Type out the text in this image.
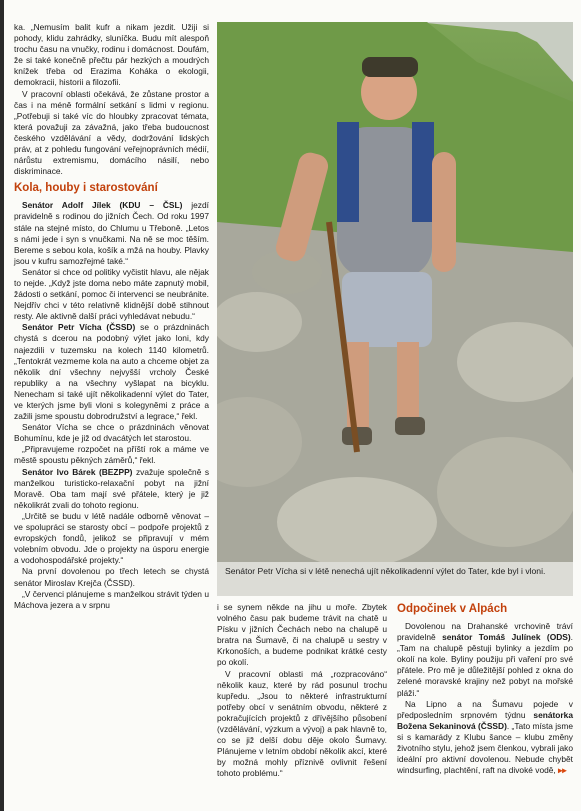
ka. „Nemusím balit kufr a nikam jezdit. Užiji si pohody, klidu zahrádky, sluníčka. Budu mít alespoň trochu času na vnučky, rodinu i domácnost. Doufám, že si také konečně přečtu pár hezkých a moudrých knížek třeba od Erazima Koháka o ekologii, demokracii, historii a filozofii.

V pracovní oblasti očekává, že zůstane prostor a čas i na méně formální setkání s lidmi v regionu. „Potřebuji si také víc do hloubky zpracovat témata, která považuji za závažná, jako třeba budoucnost českého vzdělávání a vědy, dodržování lidských práv, at z pohledu fungování veřejnoprávních médií, nárůstu extremismu, domácího násilí, nebo diskriminace.

Kola, houby i starostování

Senátor Adolf Jílek (KDU – ČSL) jezdí pravidelně s rodinou do jižních Čech. Od roku 1997 stále na stejné místo, do Chlumu u Třeboně. „Letos s námi jede i syn s vnučkami. Na ně se moc těším. Bereme s sebou kola, košík a mžá na houby. Plavky jsou v kufru samozřejmé také.“

Senátor si chce od politiky vyčistit hlavu, ale nějak to nejde. „Když jste doma nebo máte zapnutý mobil, žádosti o setkání, pomoc či intervenci se neubránite. Nejdřív chci v této relativně klidnější době stihnout resty. Ale aktivně další práci vyhledávat nebudu.“

Senátor Petr Vícha (ČSSD) se o prázdninách chystá s dcerou na podobný výlet jako loni, kdy najezdili v tuzemsku na kolech 1140 kilometrů. „Tentokrát vezmeme kola na auto a chceme objet za několik dní všechny nejvyšší vrcholy České republiky a na všechny vyšlapat na bicyklu. Nenecham si také ujít několikadenní výlet do Tater, ve kterých jsme byli vloni s kolegyněmi z práce a zažili jsme spoustu dobrodružství a legrace,“ řekl.

Senátor Vícha se chce o prázdninách věnovat Bohumínu, kde je již od dvacátých let starostou.

„Připravujeme rozpočet na příští rok a máme ve městě spoustu pěkných záměrů,“ řekl.

Senátor Ivo Bárek (BEZPP) zvažuje společně s manželkou turisticko-relaxační pobyt na jižní Moravě. Oba tam mají své přátele, který je již několikrát zvali do tohoto regionu.

„Určitě se budu v létě nadále odborně věnovat – ve spolupráci se starosty obcí – podpoře projektů z evropských fondů, jelikož se připravují v mém volebním obvodu. Jde o projekty na úsporu energie a vodohospodářské projekty.“

Na první dovolenou po třech letech se chystá senátor Miroslav Krejča (ČSSD).

„V červenci plánujeme s manželkou strávit týden u Máchova jezera a v srpnu

Senátor Petr Vícha si v létě nenechá ujít několikadenní výlet do Tater, kde byl i vloni.

i se synem někde na jihu u moře. Zbytek volného času pak budeme trávit na chatě u Písku v jižních Čechách nebo na chalupě u bratra na Šumavě, či na chalupě u sestry v Krkonoších, a budeme podnikat krátké cesty po okolí.

V pracovní oblasti má „rozpracováno“ několik kauz, které by rád posunul trochu kupředu. „Jsou to některé infrastrukturní potřeby obcí v senátním obvodu, některé z pokračujících projektů z dřívějšího působení (vzdělávání, výzkum a vývoj) a pak hlavně to, co se již delší dobu děje okolo Šumavy. Plánujeme v letním období několik akcí, které by možná mohly příznivě ovlivnit řešení tohoto problému.“

Odpočinek v Alpách

Dovolenou na Drahanské vrchovině tráví pravidelně senátor Tomáš Julínek (ODS). „Tam na chalupě pěstuji bylinky a jezdím po okolí na kole. Byliny použiju při vaření pro své přátele. Pro mě je důležitější pohled z okna do zelené moravské krajiny než pobyt na mořské pláži.“

Na Lipno a na Šumavu pojede v předposledním srpnovém týdnu senátorka Božena Sekaninová (ČSSD). „Tato místa jsme si s kamarády z Klubu šance – klubu změny životního stylu, jehož jsem členkou, vybrali jako ideální pro aktivní dovolenou. Nebude chybět windsurfing, plachtění, raft na divoké vodě, ▸▸
